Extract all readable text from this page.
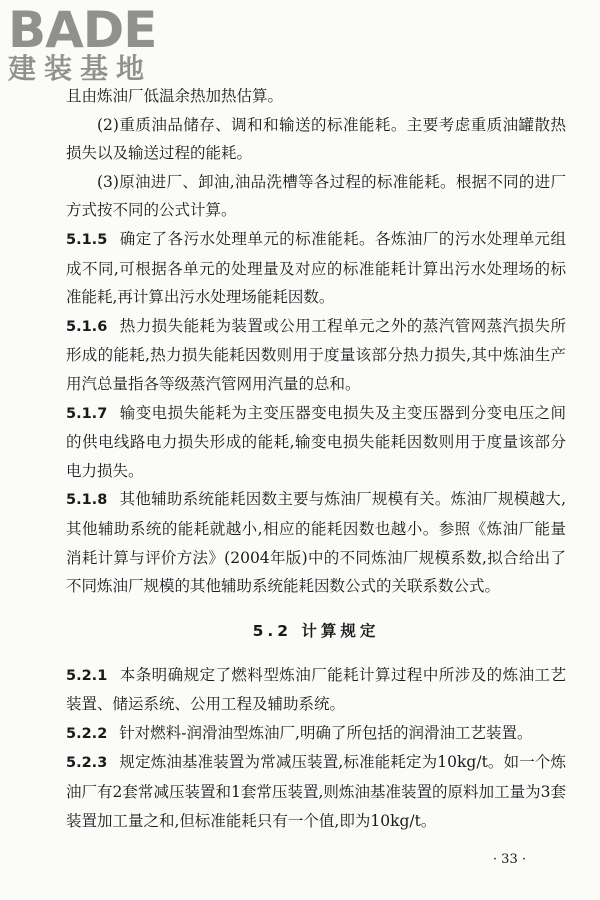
BADE
建装基地

且由炼油厂低温余热加热估算。

(2)重质油品储存、调和和输送的标准能耗。主要考虑重质油罐散热损失以及输送过程的能耗。

(3)原油进厂、卸油,油品洗槽等各过程的标准能耗。根据不同的进厂方式按不同的公式计算。

5.1.5 确定了各污水处理单元的标准能耗。各炼油厂的污水处理单元组成不同,可根据各单元的处理量及对应的标准能耗计算出污水处理场的标准能耗,再计算出污水处理场能耗因数。

5.1.6 热力损失能耗为装置或公用工程单元之外的蒸汽管网蒸汽损失所形成的能耗,热力损失能耗因数则用于度量该部分热力损失,其中炼油生产用汽总量指各等级蒸汽管网用汽量的总和。

5.1.7 输变电损失能耗为主变压器变电损失及主变压器到分变电压之间的供电线路电力损失形成的能耗,输变电损失能耗因数则用于度量该部分电力损失。

5.1.8 其他辅助系统能耗因数主要与炼油厂规模有关。炼油厂规模越大,其他辅助系统的能耗就越小,相应的能耗因数也越小。参照《炼油厂能量消耗计算与评价方法》(2004年版)中的不同炼油厂规模系数,拟合给出了不同炼油厂规模的其他辅助系统能耗因数公式的关联系数公式。

5.2 计算规定

5.2.1 本条明确规定了燃料型炼油厂能耗计算过程中所涉及的炼油工艺装置、储运系统、公用工程及辅助系统。

5.2.2 针对燃料-润滑油型炼油厂,明确了所包括的润滑油工艺装置。

5.2.3 规定炼油基准装置为常减压装置,标准能耗定为10kg/t。如一个炼油厂有2套常减压装置和1套常压装置,则炼油基准装置的原料加工量为3套装置加工量之和,但标准能耗只有一个值,即为10kg/t。

· 33 ·
